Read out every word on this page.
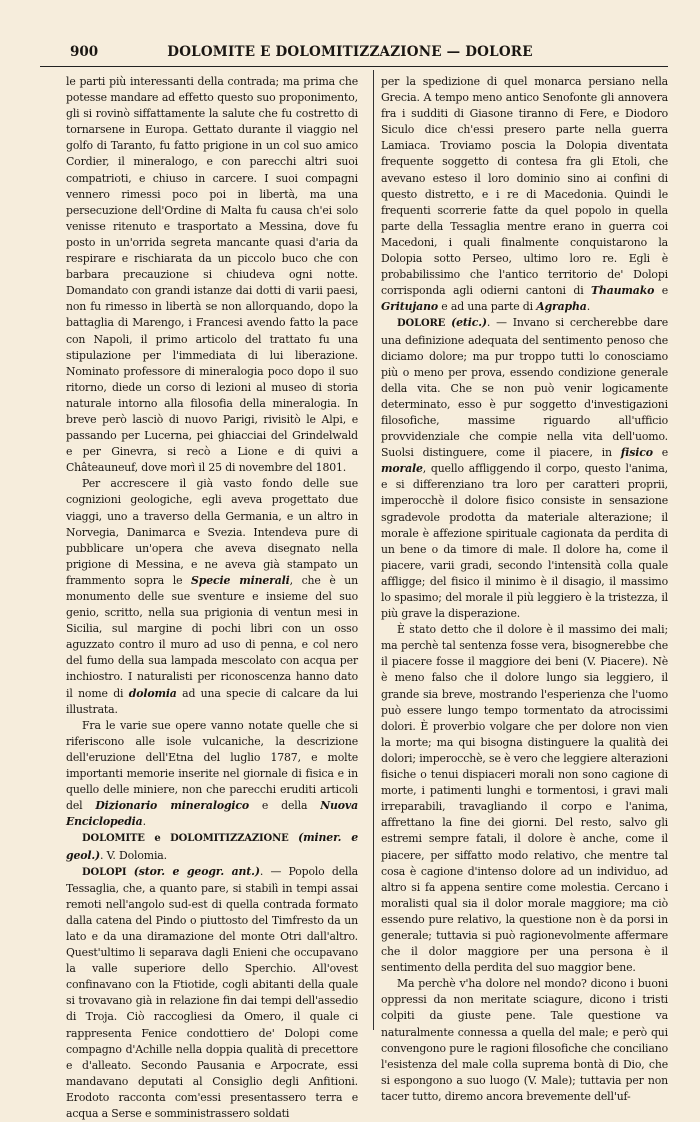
900	DOLOMITE E DOLOMITIZZAZIONE — DOLORE

le parti più interessanti della contrada; ma prima che potesse mandare ad effetto questo suo proponimento, gli si rovinò siffattamente la salute che fu costretto di tornarsene in Europa. Gettato durante il viaggio nel golfo di Taranto, fu fatto prigione in un col suo amico Cordier, il mineralogo, e con parecchi altri suoi compatrioti, e chiuso in carcere. I suoi compagni vennero rimessi poco poi in libertà, ma una persecuzione dell'Ordine di Malta fu causa ch'ei solo venisse ritenuto e trasportato a Messina, dove fu posto in un'orrida segreta mancante quasi d'aria da respirare e rischiarata da un piccolo buco che con barbara precauzione si chiudeva ogni notte. Domandato con grandi istanze dai dotti di varii paesi, non fu rimesso in libertà se non allorquando, dopo la battaglia di Marengo, i Francesi avendo fatto la pace con Napoli, il primo articolo del trattato fu una stipulazione per l'immediata di lui liberazione. Nominato professore di mineralogia poco dopo il suo ritorno, diede un corso di lezioni al museo di storia naturale intorno alla filosofia della mineralogia. In breve però lasciò di nuovo Parigi, rivisitò le Alpi, e passando per Lucerna, pei ghiacciai del Grindelwald e per Ginevra, si recò a Lione e di quivi a Châteauneuf, dove morì il 25 di novembre del 1801.

Per accrescere il già vasto fondo delle sue cognizioni geologiche, egli aveva progettato due viaggi, uno a traverso della Germania, e un altro in Norvegia, Danimarca e Svezia. Intendeva pure di pubblicare un'opera che aveva disegnato nella prigione di Messina, e ne aveva già stampato un frammento sopra le Specie minerali, che è un monumento delle sue sventure e insieme del suo genio, scritto, nella sua prigionia di ventun mesi in Sicilia, sul margine di pochi libri con un osso aguzzato contro il muro ad uso di penna, e col nero del fumo della sua lampada mescolato con acqua per inchiostro. I naturalisti per riconoscenza hanno dato il nome di dolomia ad una specie di calcare da lui illustrata.

Fra le varie sue opere vanno notate quelle che si riferiscono alle isole vulcaniche, la descrizione dell'eruzione dell'Etna del luglio 1787, e molte importanti memorie inserite nel giornale di fisica e in quello delle miniere, non che parecchi eruditi articoli del Dizionario mineralogico e della Nuova Enciclopedia.

DOLOMITE e DOLOMITIZZAZIONE (miner. e geol.). V. Dolomia.

DOLOPI (stor. e geogr. ant.). — Popolo della Tessaglia, che, a quanto pare, si stabilì in tempi assai remoti nell'angolo sud-est di quella contrada formato dalla catena del Pindo o piuttosto del Timfresto da un lato e da una diramazione del monte Otri dall'altro. Quest'ultimo li separava dagli Enieni che occupavano la valle superiore dello Sperchio. All'ovest confinavano con la Ftiotide, cogli abitanti della quale si trovavano già in relazione fin dai tempi dell'assedio di Troja. Ciò raccogliesi da Omero, il quale ci rappresenta Fenice condottiero de' Dolopi come compagno d'Achille nella doppia qualità di precettore e d'alleato. Secondo Pausania e Arpocrate, essi mandavano deputati al Consiglio degli Anfitioni. Erodoto racconta com'essi presentassero terra e acqua a Serse e somministrassero soldati

per la spedizione di quel monarca persiano nella Grecia. A tempo meno antico Senofonte gli annovera fra i sudditi di Giasone tiranno di Fere, e Diodoro Siculo dice ch'essi presero parte nella guerra Lamiaca. Troviamo poscia la Dolopia diventata frequente soggetto di contesa fra gli Etoli, che avevano esteso il loro dominio sino ai confini di questo distretto, e i re di Macedonia. Quindi le frequenti scorrerie fatte da quel popolo in quella parte della Tessaglia mentre erano in guerra coi Macedoni, i quali finalmente conquistarono la Dolopia sotto Perseo, ultimo loro re. Egli è probabilissimo che l'antico territorio de' Dolopi corrisponda agli odierni cantoni di Thaumako e Gritujano e ad una parte di Agrapha.

DOLORE (etic.). — Invano si cercherebbe dare una definizione adequata del sentimento penoso che diciamo dolore; ma pur troppo tutti lo conosciamo più o meno per prova, essendo condizione generale della vita. Che se non può venir logicamente determinato, esso è pur soggetto d'investigazioni filosofiche, massime riguardo all'ufficio provvidenziale che compie nella vita dell'uomo. Suolsi distinguere, come il piacere, in fisico e morale, quello affliggendo il corpo, questo l'anima, e si differenziano tra loro per caratteri proprii, imperocchè il dolore fisico consiste in sensazione sgradevole prodotta da materiale alterazione; il morale è affezione spirituale cagionata da perdita di un bene o da timore di male. Il dolore ha, come il piacere, varii gradi, secondo l'intensità colla quale affligge; del fisico il minimo è il disagio, il massimo lo spasimo; del morale il più leggiero è la tristezza, il più grave la disperazione.

È stato detto che il dolore è il massimo dei mali; ma perchè tal sentenza fosse vera, bisognerebbe che il piacere fosse il maggiore dei beni (V. Piacere). Nè è meno falso che il dolore lungo sia leggiero, il grande sia breve, mostrando l'esperienza che l'uomo può essere lungo tempo tormentato da atrocissimi dolori. È proverbio volgare che per dolore non vien la morte; ma qui bisogna distinguere la qualità dei dolori; imperocchè, se è vero che leggiere alterazioni fisiche o tenui dispiaceri morali non sono cagione di morte, i patimenti lunghi e tormentosi, i gravi mali irreparabili, travagliando il corpo e l'anima, affrettano la fine dei giorni. Del resto, salvo gli estremi sempre fatali, il dolore è anche, come il piacere, per siffatto modo relativo, che mentre tal cosa è cagione d'intenso dolore ad un individuo, ad altro si fa appena sentire come molestia. Cercano i moralisti qual sia il dolor morale maggiore; ma ciò essendo pure relativo, la questione non è da porsi in generale; tuttavia si può ragionevolmente affermare che il dolor maggiore per una persona è il sentimento della perdita del suo maggior bene.

Ma perchè v'ha dolore nel mondo? dicono i buoni oppressi da non meritate sciagure, dicono i tristi colpiti da giuste pene. Tale questione va naturalmente connessa a quella del male; e però qui convengono pure le ragioni filosofiche che conciliano l'esistenza del male colla suprema bontà di Dio, che si espongono a suo luogo (V. Male); tuttavia per non tacer tutto, diremo ancora brevemente dell'uf-
